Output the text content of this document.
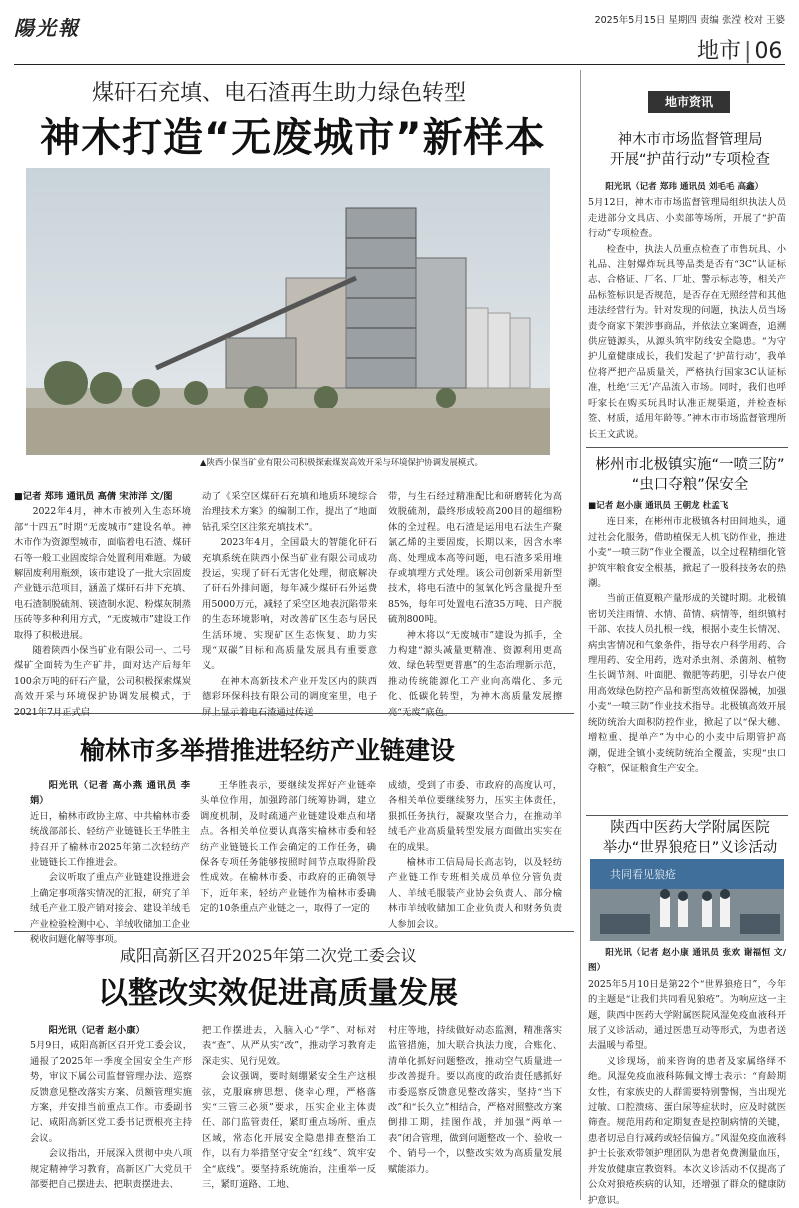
陽光報	2025年5月15日 星期四 责编 张滢 校对 王婆
地市 | 06
煤矸石充填、电石渣再生助力绿色转型
神木打造“无废城市”新样本
▲陕西小保当矿业有限公司积极探索煤炭高效开采与环境保护协调发展模式。

■记者 郑玮 通讯员 高倩 宋沛洋 文/图

2022年4月，神木市被列入生态环境部“十四五”时期“无废城市”建设名单。神木市作为资源型城市，面临着电石渣、煤矸石等一般工业固废综合处置利用难题。为破解固废利用瓶颈，该市建设了一批大宗固废产业链示范项目，涵盖了煤矸石井下充填、电石渣制脱硫剂、镁渣制水泥、粉煤灰制蒸压砖等多种利用方式，“无废城市”建设工作取得了积极进展。

随着陕西小保当矿业有限公司一、二号煤矿全面转为生产矿井，面对达产后每年100余万吨的矸石产量，公司积极探索煤炭高效开采与环境保护协调发展模式，于2021年7月正式启

动了《采空区煤矸石充填和地质环境综合治理技术方案》的编制工作，提出了“地面钻孔采空区注浆充填技术”。

2023年4月，全国最大的智能化矸石充填系统在陕西小保当矿业有限公司成功投运，实现了矸石无害化处理，彻底解决了矸石外排问题，每年减少煤矸石外运费用5000万元，减轻了采空区地表沉陷带来的生态环境影响，对改善矿区生态与居民生活环境、实现矿区生态恢复、助力实现“双碳”目标和高质量发展具有重要意义。

在神木高新技术产业开发区内的陕西德彩环保科技有限公司的调度室里，电子屏上显示着电石渣通过传送

带，与生石经过精准配比和研磨转化为高效脱硫剂，最终形成较高200目的超细粉体的全过程。电石渣是运用电石法生产聚氯乙烯的主要固废，长期以来，因含水率高、处理成本高等问题，电石渣多采用堆存或填埋方式处理。该公司创新采用新型技术，将电石渣中的氢氧化钙含量提升至85%，每年可处置电石渣35万吨、日产脱硫剂800吨。

神木将以“无废城市”建设为抓手，全力构建“源头减量更精准、资源利用更高效、绿色转型更普惠”的生态治理新示范，推动传统能源化工产业向高端化、多元化、低碳化转型，为神木高质量发展擦亮“无废”底色。

榆林市多举措推进轻纺产业链建设

阳光讯（记者 高小燕 通讯员 李娟）

近日，榆林市政协主席、中共榆林市委统战部部长、轻纺产业链链长王华胜主持召开了榆林市2025年第二次轻纺产业链链长工作推进会。

会议听取了重点产业链建设推进会上确定事项落实情况的汇报，研究了羊绒毛产业工股产销对接会、建设羊绒毛产业检验检测中心、羊绒收储加工企业税收问题化解等事项。

王华胜表示，要继续发挥好产业链牵头单位作用，加强跨部门统筹协调，建立调度机制，及时疏通产业链建设难点和堵点。各相关单位要认真落实榆林市委和轻纺产业链链长工作会确定的工作任务，确保各专项任务能够按照时间节点取得阶段性成效。在榆林市委、市政府的正确领导下，近年来，轻纺产业链作为榆林市委确定的10条重点产业链之一，取得了一定的

成绩，受到了市委、市政府的高度认可，各相关单位要继续努力，压实主体责任，狠抓任务执行，凝聚攻坚合力，在推动羊绒毛产业高质量转型发展方面做出实实在在的成果。

榆林市工信局局长高志钧，以及轻纺产业链工作专班相关成员单位分管负责人、羊绒毛服装产业协会负责人、部分榆林市羊绒收储加工企业负责人和财务负责人参加会议。

咸阳高新区召开2025年第二次党工委会议
以整改实效促进高质量发展

阳光讯（记者 赵小康）

5月9日，咸阳高新区召开党工委会议，通报了2025年一季度全国安全生产形势，审议下属公司监督管理办法、巡察反馈意见整改落实方案、员额管理实施方案，并安排当前重点工作。市委副书记、咸阳高新区党工委书记贾根亮主持会议。

会议指出，开展深入贯彻中央八项规定精神学习教育，高新区广大党员干部要把自己摆进去、把职责摆进去、

把工作摆进去，入脑入心“学”、对标对表“查”、从严从实“改”，推动学习教育走深走实、见行见效。

会议强调，要时刻绷紧安全生产这根弦，克服麻痹思想、侥幸心理，严格落实“三管三必须”要求，压实企业主体责任、部门监管责任，紧盯重点场所、重点区域，常态化开展安全隐患排查整治工作，以有力举措坚守安全“红线”、筑牢安全“底线”。要坚持系统施治，注重举一反三，紧盯道路、工地、

村庄等地，持续做好动态监测，精准落实监管措施，加大联合执法力度，合账化、清单化抓好问题整改，推动空气质量进一步改善提升。要以高度的政治责任感抓好市委巡察反馈意见整改落实，坚持“当下改”和“长久立”相结合，严格对照整改方案倒排工期，挂图作战，并加强“两单一表”闭合管理，做到问题整改一个、验收一个、销号一个，以整改实效为高质量发展赋能添力。

地市资讯
神木市市场监督管理局
开展“护苗行动”专项检查

阳光讯（记者 郑玮 通讯员 刘毛毛 高鑫）

5月12日，神木市市场监督管理局组织执法人员走进部分文具店、小卖部等场所，开展了“护苗行动”专项检查。

检查中，执法人员重点检查了市售玩具、小礼品、注射爆炸玩具等品类是否有“3C”认证标志、合格证、厂名、厂址、警示标志等，相关产品标签标识是否规范，是否存在无照经营和其他违法经营行为。针对发现的问题，执法人员当场责令商家下架涉事商品，并依法立案调查，追溯供应链源头，从源头筑牢防线安全隐患。“为守护儿童健康成长，我们发起了‘护苗行动’，我单位将严把产品质量关，严格执行国家3C认证标准，杜绝‘三无’产品流入市场。同时，我们也呼吁家长在购买玩具时认准正规渠道，并检查标签、材质，适用年龄等。”神木市市场监督管理所长王文武说。

彬州市北极镇实施“一喷三防”
“虫口夺粮”保安全

■记者 赵小康 通讯员 王朝龙 杜孟飞

连日来，在彬州市北极镇各村田间地头，通过社会化服务，借助植保无人机飞防作业，推进小麦“一喷三防”作业全覆盖，以全过程精细化管护筑牢粮食安全根基，掀起了一股科技务农的热潮。

当前正值夏粮产量形成的关键时期。北极镇密切关注雨情、水情、苗情、病情等，组织镇村干部、农技人员扎根一线，根据小麦生长情况、病虫害情况和气象条件，指导农户科学用药、合理用药、安全用药，选对杀虫剂、杀菌剂、植物生长调节剂、叶面肥、微肥等药肥，引导农户使用高效绿色防控产品和新型高效植保器械，加强小麦“一喷三防”作业技术指导。北极镇高效开展统防统治大面积防控作业，掀起了以“保大穗、增粒重、提单产”为中心的小麦中后期管护高潮，促进全镇小麦统防统治全覆盖，实现“虫口夺粮”，保证粮食生产安全。

陕西中医药大学附属医院
举办“世界狼疮日”义诊活动
共同看见狼疮

阳光讯（记者 赵小康 通讯员 张欢 谢福恒 文/图）

2025年5月10日是第22个“世界狼疮日”，今年的主题是“让我们共同看见狼疮”。为响应这一主题，陕西中医药大学附属医院风湿免疫血液科开展了义诊活动，通过医患互动等形式，为患者送去温暖与希望。

义诊现场，前来咨询的患者及家属络绎不绝。风湿免疫血液科陈佩文博士表示：“育龄期女性，有家族史的人群需要特别警惕，当出现光过敏、口腔溃疡、蛋白尿等症状时，应及时就医筛查。规范用药和定期复查是控制病情的关键，患者切忌自行减药或轻信偏方。”风湿免疫血液科护士长张欢带领护理团队为患者免费测量血压，并发放健康宣教资料。本次义诊活动不仅提高了公众对狼疮疾病的认知，还增强了群众的健康防护意识。
